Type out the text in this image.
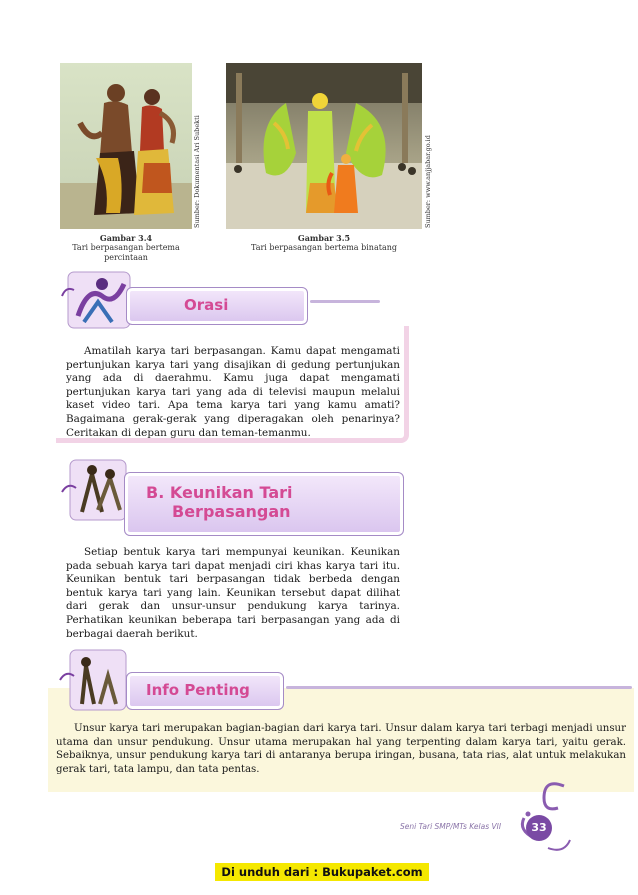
Sumber: Dokumentasi Ari Subekti
Gambar 3.4
Tari berpasangan bertema
percintaan
Sumber: www.anjjabar.go.id
Gambar 3.5
Tari berpasangan bertema binatang
Orasi

Amatilah karya tari berpasangan. Kamu dapat mengamati pertunjukan karya tari yang disajikan di gedung pertunjukan yang ada di daerahmu. Kamu juga dapat mengamati pertunjukan karya tari yang ada di televisi maupun melalui kaset video tari. Apa tema karya tari yang kamu amati? Bagaimana gerak-gerak yang diperagakan oleh penarinya? Ceritakan di depan guru dan teman-temanmu.

B. Keunikan Tari
Berpasangan

Setiap bentuk karya tari mempunyai keunikan. Keunikan pada sebuah karya tari dapat menjadi ciri khas karya tari itu. Keunikan bentuk tari berpasangan tidak berbeda dengan bentuk karya tari yang lain. Keunikan tersebut dapat dilihat dari gerak dan unsur-unsur pendukung karya tarinya. Perhatikan keunikan beberapa tari berpasangan yang ada di berbagai daerah berikut.

Info Penting

Unsur karya tari merupakan bagian-bagian dari karya tari. Unsur dalam karya tari terbagi menjadi unsur utama dan unsur pendukung. Unsur utama merupakan hal yang terpenting dalam karya tari, yaitu gerak. Sebaiknya, unsur pendukung karya tari di antaranya berupa iringan, busana, tata rias, alat untuk melakukan gerak tari, tata lampu, dan tata pentas.

Seni Tari SMP/MTs Kelas VII	33
Di unduh dari : Bukupaket.com
